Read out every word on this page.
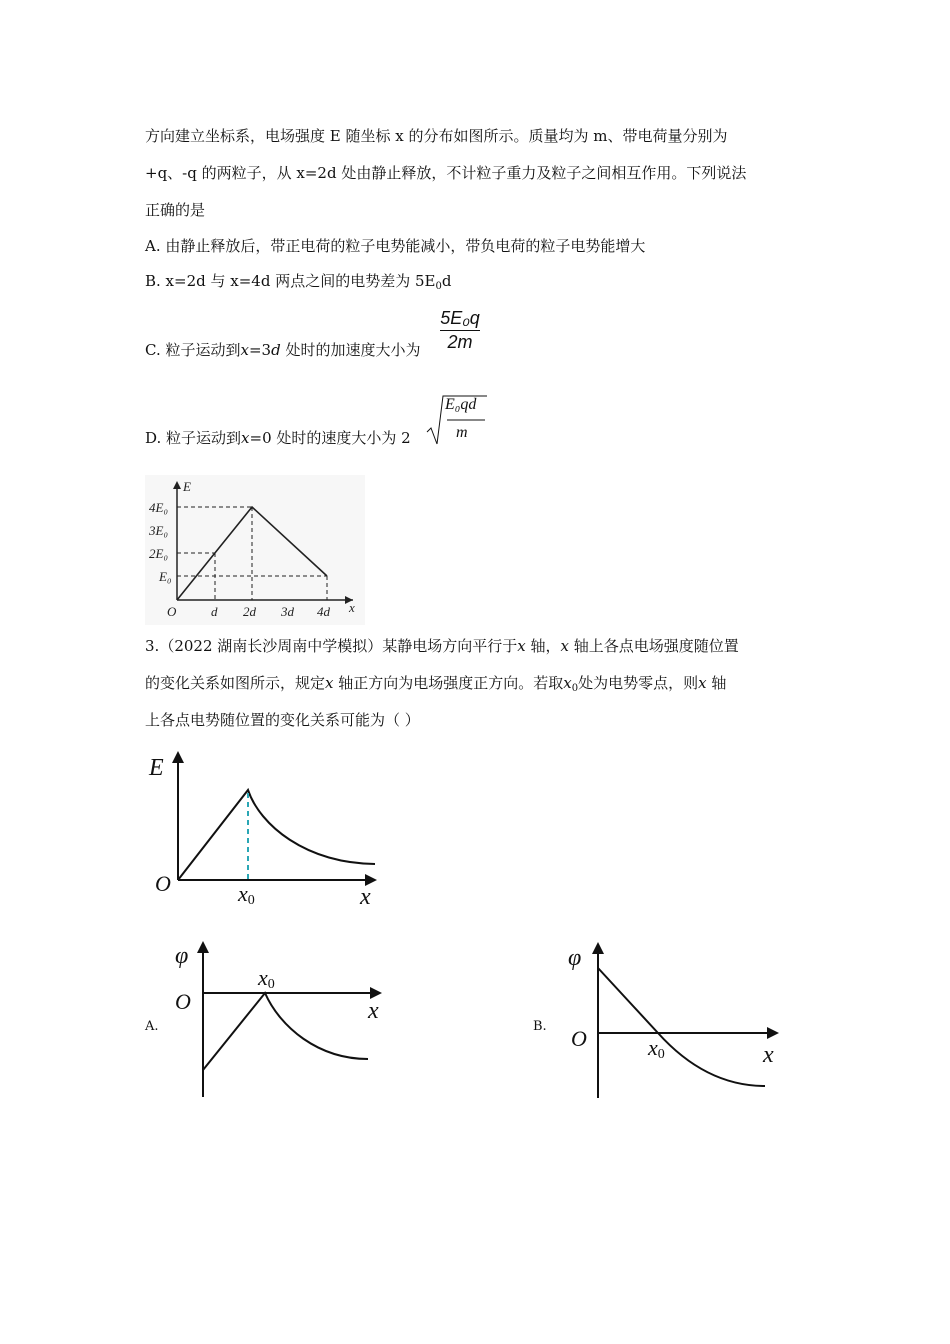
方向建立坐标系，电场强度 E 随坐标 x 的分布如图所示。质量均为 m、带电荷量分别为
+q、-q 的两粒子，从 x=2d 处由静止释放，不计粒子重力及粒子之间相互作用。下列说法
正确的是
A. 由静止释放后，带正电荷的粒子电势能减小，带负电荷的粒子电势能增大
B. x=2d 与 x=4d 两点之间的电势差为 $5E_0d$
C. 粒子运动到x=3d 处时的加速度大小为
5E₀q
2m
D. 粒子运动到x=0 处时的速度大小为 2
E₀qd
m
E
4E₀
3E₀
2E₀
E₀
O	d 2d 3d 4d x
3.（2022 湖南长沙周南中学模拟）某静电场方向平行于x 轴，x 轴上各点电场强度随位置
的变化关系如图所示，规定x 轴正方向为电场强度正方向。若取$x_0$处为电势零点，则x 轴
上各点电势随位置的变化关系可能为（ ）
E
O	x0	x
A.
φ
O
x0
x
B.
φ
O	x0	x
